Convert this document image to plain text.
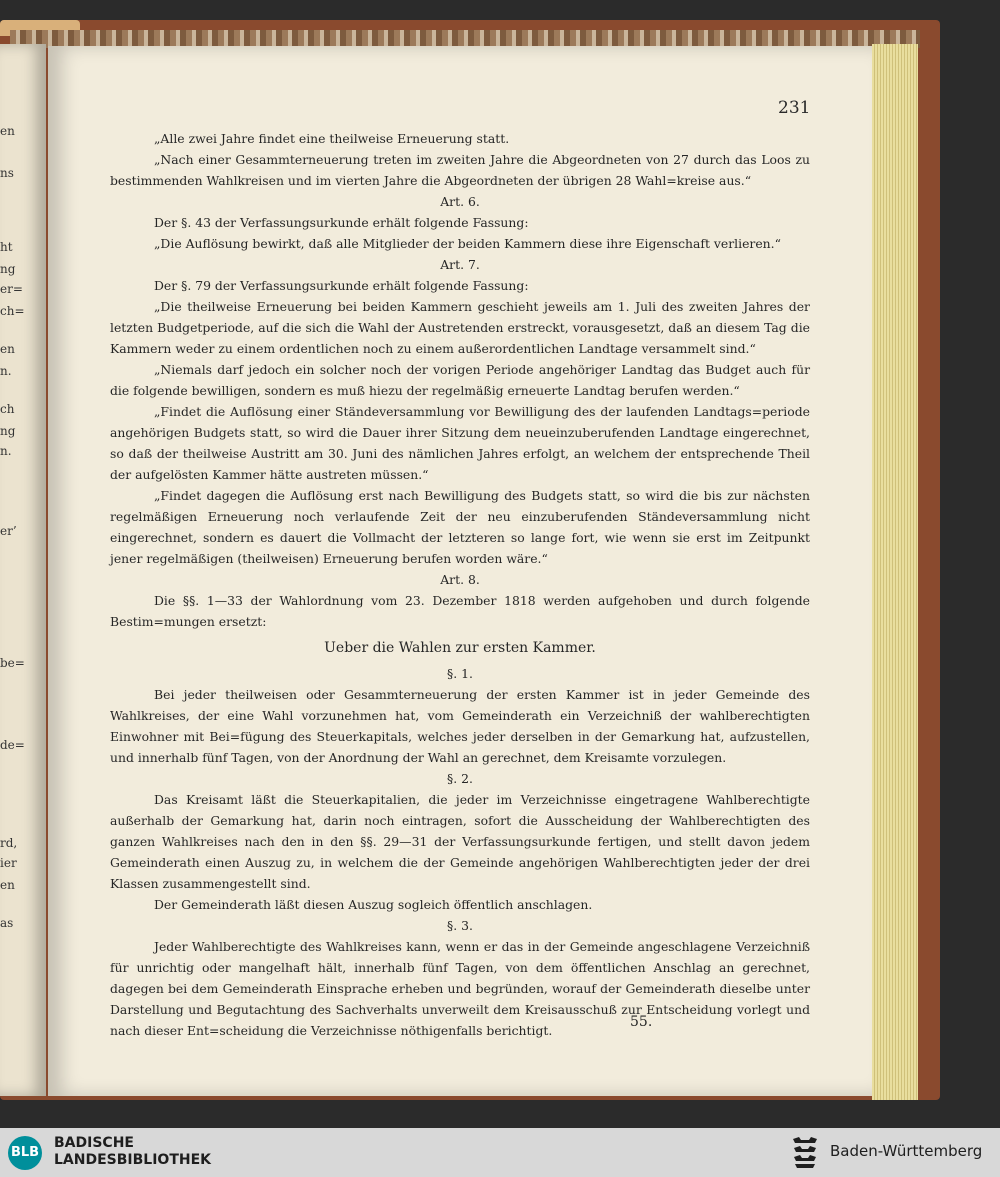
en
ns
ht
ng
er=
ch=
en
n.
ch
ng
n.
er’
be=
de=
rd,
ier
en
as
231

„Alle zwei Jahre findet eine theilweise Erneuerung statt.

„Nach einer Gesammterneuerung treten im zweiten Jahre die Abgeordneten von 27 durch das Loos zu bestimmenden Wahlkreisen und im vierten Jahre die Abgeordneten der übrigen 28 Wahl=kreise aus.“

Art. 6.

Der §. 43 der Verfassungsurkunde erhält folgende Fassung:

„Die Auflösung bewirkt, daß alle Mitglieder der beiden Kammern diese ihre Eigenschaft verlieren.“

Art. 7.

Der §. 79 der Verfassungsurkunde erhält folgende Fassung:

„Die theilweise Erneuerung bei beiden Kammern geschieht jeweils am 1. Juli des zweiten Jahres der letzten Budgetperiode, auf die sich die Wahl der Austretenden erstreckt, vorausgesetzt, daß an diesem Tag die Kammern weder zu einem ordentlichen noch zu einem außerordentlichen Landtage versammelt sind.“

„Niemals darf jedoch ein solcher noch der vorigen Periode angehöriger Landtag das Budget auch für die folgende bewilligen, sondern es muß hiezu der regelmäßig erneuerte Landtag berufen werden.“

„Findet die Auflösung einer Ständeversammlung vor Bewilligung des der laufenden Landtags=periode angehörigen Budgets statt, so wird die Dauer ihrer Sitzung dem neueinzuberufenden Landtage eingerechnet, so daß der theilweise Austritt am 30. Juni des nämlichen Jahres erfolgt, an welchem der entsprechende Theil der aufgelösten Kammer hätte austreten müssen.“

„Findet dagegen die Auflösung erst nach Bewilligung des Budgets statt, so wird die bis zur nächsten regelmäßigen Erneuerung noch verlaufende Zeit der neu einzuberufenden Ständeversammlung nicht eingerechnet, sondern es dauert die Vollmacht der letzteren so lange fort, wie wenn sie erst im Zeitpunkt jener regelmäßigen (theilweisen) Erneuerung berufen worden wäre.“

Art. 8.

Die §§. 1—33 der Wahlordnung vom 23. Dezember 1818 werden aufgehoben und durch folgende Bestim=mungen ersetzt:

Ueber die Wahlen zur ersten Kammer.

§. 1.

Bei jeder theilweisen oder Gesammterneuerung der ersten Kammer ist in jeder Gemeinde des Wahlkreises, der eine Wahl vorzunehmen hat, vom Gemeinderath ein Verzeichniß der wahlberechtigten Einwohner mit Bei=fügung des Steuerkapitals, welches jeder derselben in der Gemarkung hat, aufzustellen, und innerhalb fünf Tagen, von der Anordnung der Wahl an gerechnet, dem Kreisamte vorzulegen.

§. 2.

Das Kreisamt läßt die Steuerkapitalien, die jeder im Verzeichnisse eingetragene Wahlberechtigte außerhalb der Gemarkung hat, darin noch eintragen, sofort die Ausscheidung der Wahlberechtigten des ganzen Wahlkreises nach den in den §§. 29—31 der Verfassungsurkunde fertigen, und stellt davon jedem Gemeinderath einen Auszug zu, in welchem die der Gemeinde angehörigen Wahlberechtigten jeder der drei Klassen zusammengestellt sind.

Der Gemeinderath läßt diesen Auszug sogleich öffentlich anschlagen.

§. 3.

Jeder Wahlberechtigte des Wahlkreises kann, wenn er das in der Gemeinde angeschlagene Verzeichniß für unrichtig oder mangelhaft hält, innerhalb fünf Tagen, von dem öffentlichen Anschlag an gerechnet, dagegen bei dem Gemeinderath Einsprache erheben und begründen, worauf der Gemeinderath dieselbe unter Darstellung und Begutachtung des Sachverhalts unverweilt dem Kreisausschuß zur Entscheidung vorlegt und nach dieser Ent=scheidung die Verzeichnisse nöthigenfalls berichtigt.

55.
BLB
BADISCHE
LANDESBIBLIOTHEK	Baden-Württemberg
